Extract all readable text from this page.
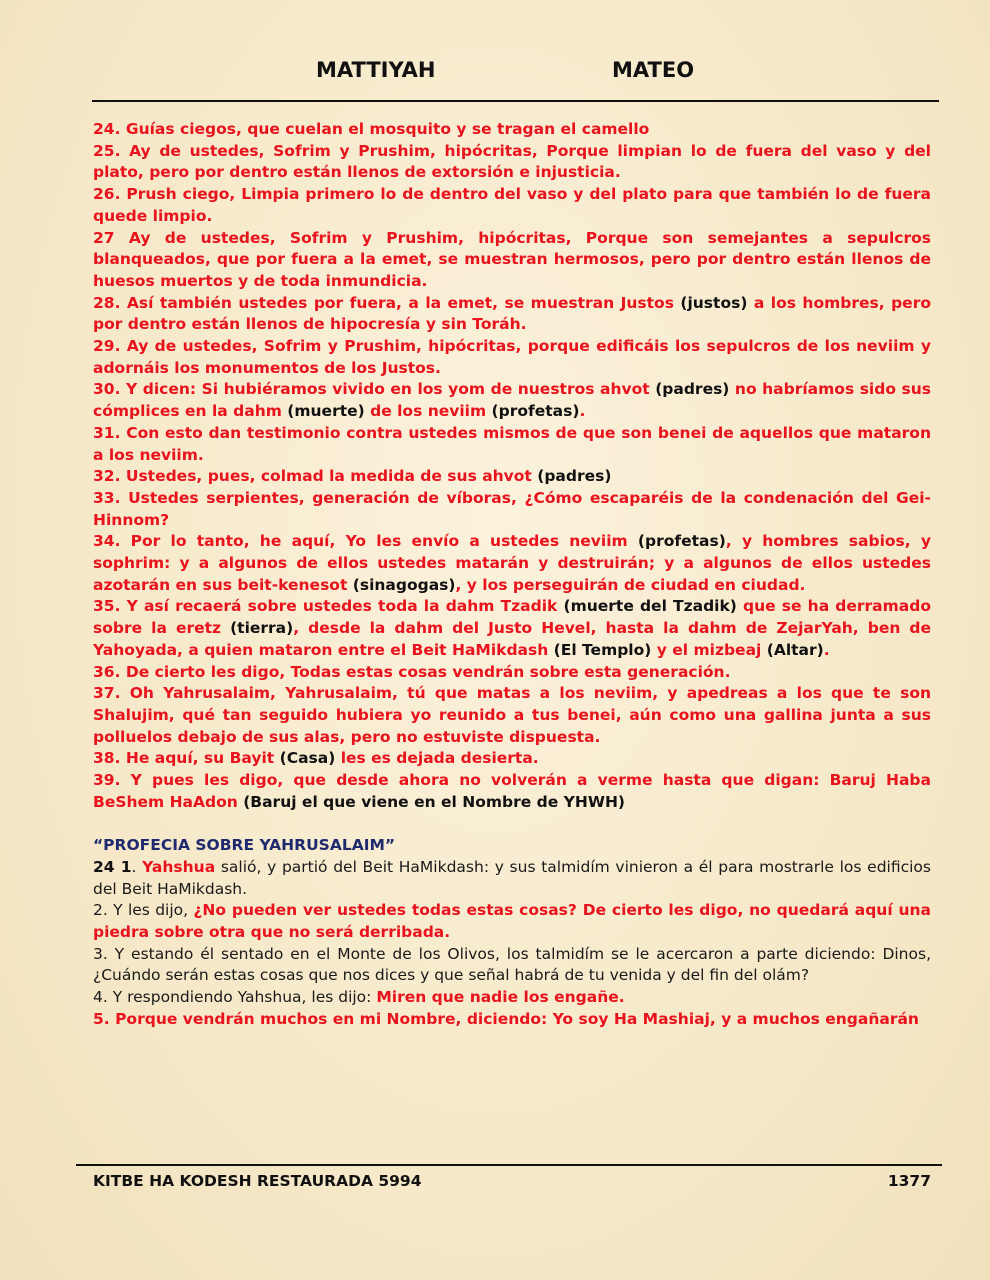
MATTIYAH	MATEO

24. Guías ciegos, que cuelan el mosquito y se tragan el camello

25. Ay de ustedes, Sofrim y Prushim, hipócritas, Porque limpian lo de fuera del vaso y del plato, pero por dentro están llenos de extorsión e injusticia.

26. Prush ciego, Limpia primero lo de dentro del vaso y del plato para que también lo de fuera quede limpio.

27 Ay de ustedes, Sofrim y Prushim, hipócritas, Porque son semejantes a sepulcros blanqueados, que por fuera a la emet, se muestran hermosos, pero por dentro están llenos de huesos muertos y de toda inmundicia.

28. Así también ustedes por fuera, a la emet, se muestran Justos (justos) a los hombres, pero por dentro están llenos de hipocresía y sin Toráh.

29. Ay de ustedes, Sofrim y Prushim, hipócritas, porque edificáis los sepulcros de los neviim y adornáis los monumentos de los Justos.

30. Y dicen: Si hubiéramos vivido en los yom de nuestros ahvot (padres) no habríamos sido sus cómplices en la dahm (muerte) de los neviim (profetas).

31. Con esto dan testimonio contra ustedes mismos de que son benei de aquellos que mataron a los neviim.

32. Ustedes, pues, colmad la medida de sus ahvot (padres)

33. Ustedes serpientes, generación de víboras, ¿Cómo escaparéis de la condenación del Gei-Hinnom?

34. Por lo tanto, he aquí, Yo les envío a ustedes neviim (profetas), y hombres sabios, y sophrim: y a algunos de ellos ustedes matarán y destruirán; y a algunos de ellos ustedes azotarán en sus beit-kenesot (sinagogas), y los perseguirán de ciudad en ciudad.

35. Y así recaerá sobre ustedes toda la dahm Tzadik (muerte del Tzadik) que se ha derramado sobre la eretz (tierra), desde la dahm del Justo Hevel, hasta la dahm de ZejarYah, ben de Yahoyada, a quien mataron entre el Beit HaMikdash (El Templo) y el mizbeaj (Altar).

36. De cierto les digo, Todas estas cosas vendrán sobre esta generación.

37. Oh Yahrusalaim, Yahrusalaim, tú que matas a los neviim, y apedreas a los que te son Shalujim, qué tan seguido hubiera yo reunido a tus benei, aún como una gallina junta a sus polluelos debajo de sus alas, pero no estuviste dispuesta.

38. He aquí, su Bayit (Casa) les es dejada desierta.

39. Y pues les digo, que desde ahora no volverán a verme hasta que digan: Baruj Haba BeShem HaAdon (Baruj el que viene en el Nombre de YHWH)

“PROFECIA SOBRE YAHRUSALAIM”

24 1. Yahshua salió, y partió del Beit HaMikdash: y sus talmidím vinieron a él para mostrarle los edificios del Beit HaMikdash.

2. Y les dijo, ¿No pueden ver ustedes todas estas cosas? De cierto les digo, no quedará aquí una piedra sobre otra que no será derribada.

3. Y estando él sentado en el Monte de los Olivos, los talmidím se le acercaron a parte diciendo: Dinos, ¿Cuándo serán estas cosas que nos dices y que señal habrá de tu venida y del fin del olám?

4. Y respondiendo Yahshua, les dijo: Miren que nadie los engañe.

5. Porque vendrán muchos en mi Nombre, diciendo: Yo soy Ha Mashiaj, y a muchos engañarán

KITBE HA KODESH RESTAURADA 5994	1377
